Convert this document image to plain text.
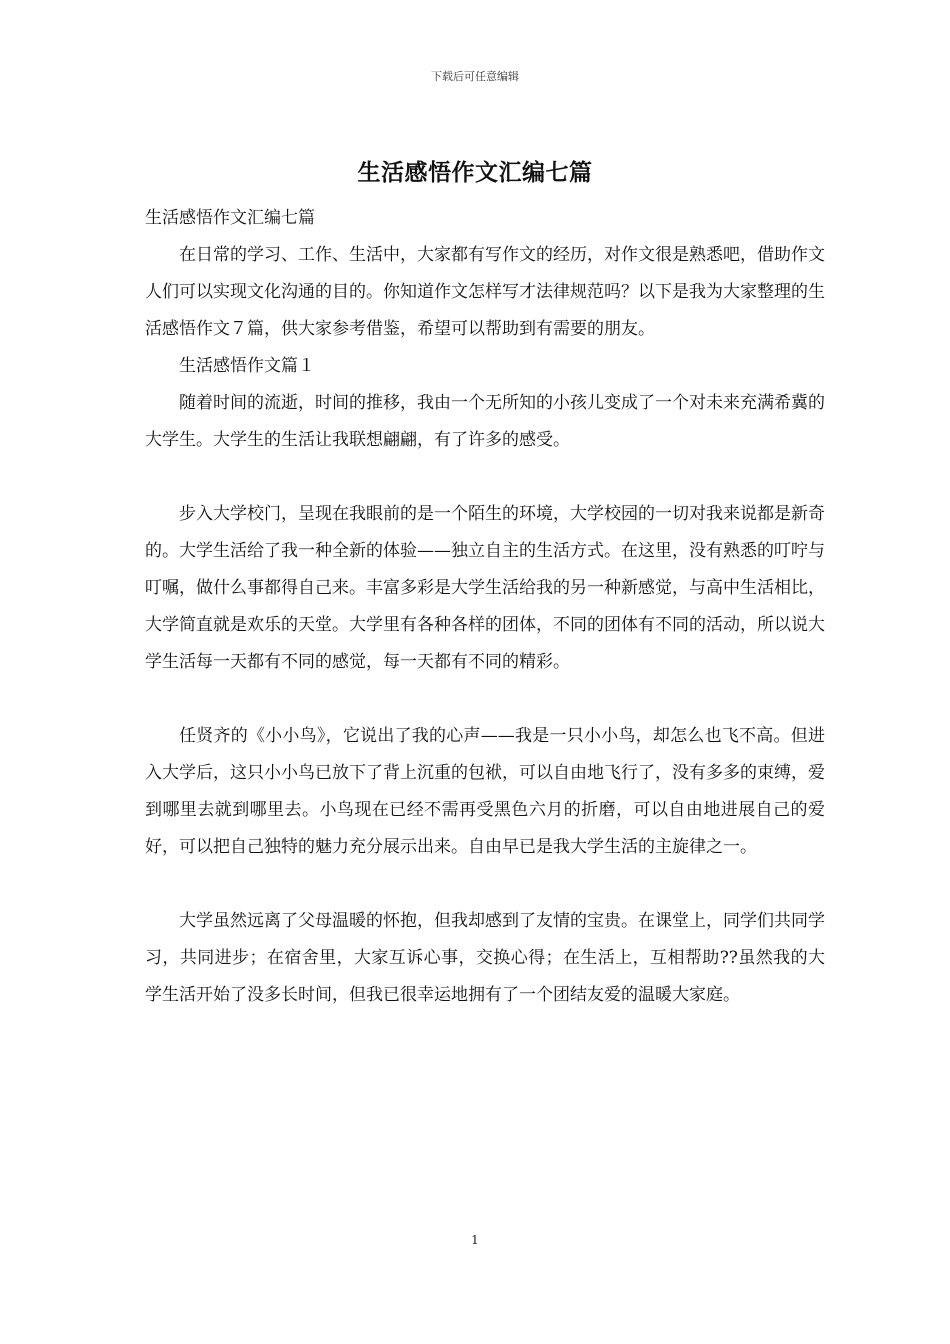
下载后可任意编辑
生活感悟作文汇编七篇

生活感悟作文汇编七篇

在日常的学习、工作、生活中，大家都有写作文的经历，对作文很是熟悉吧，借助作文人们可以实现文化沟通的目的。你知道作文怎样写才法律规范吗？以下是我为大家整理的生活感悟作文７篇，供大家参考借鉴，希望可以帮助到有需要的朋友。

生活感悟作文篇１

随着时间的流逝，时间的推移，我由一个无所知的小孩儿变成了一个对未来充满希冀的大学生。大学生的生活让我联想翩翩，有了许多的感受。

步入大学校门，呈现在我眼前的是一个陌生的环境，大学校园的一切对我来说都是新奇的。大学生活给了我一种全新的体验——独立自主的生活方式。在这里，没有熟悉的叮咛与叮嘱，做什么事都得自己来。丰富多彩是大学生活给我的另一种新感觉，与高中生活相比，大学简直就是欢乐的天堂。大学里有各种各样的团体，不同的团体有不同的活动，所以说大学生活每一天都有不同的感觉，每一天都有不同的精彩。

任贤齐的《小小鸟》，它说出了我的心声——我是一只小小鸟，却怎么也飞不高。但进入大学后，这只小小鸟已放下了背上沉重的包袱，可以自由地飞行了，没有多多的束缚，爱到哪里去就到哪里去。小鸟现在已经不需再受黑色六月的折磨，可以自由地进展自己的爱好，可以把自己独特的魅力充分展示出来。自由早已是我大学生活的主旋律之一。

大学虽然远离了父母温暖的怀抱，但我却感到了友情的宝贵。在课堂上，同学们共同学习，共同进步；在宿舍里，大家互诉心事，交换心得；在生活上，互相帮助??虽然我的大学生活开始了没多长时间，但我已很幸运地拥有了一个团结友爱的温暖大家庭。

1
